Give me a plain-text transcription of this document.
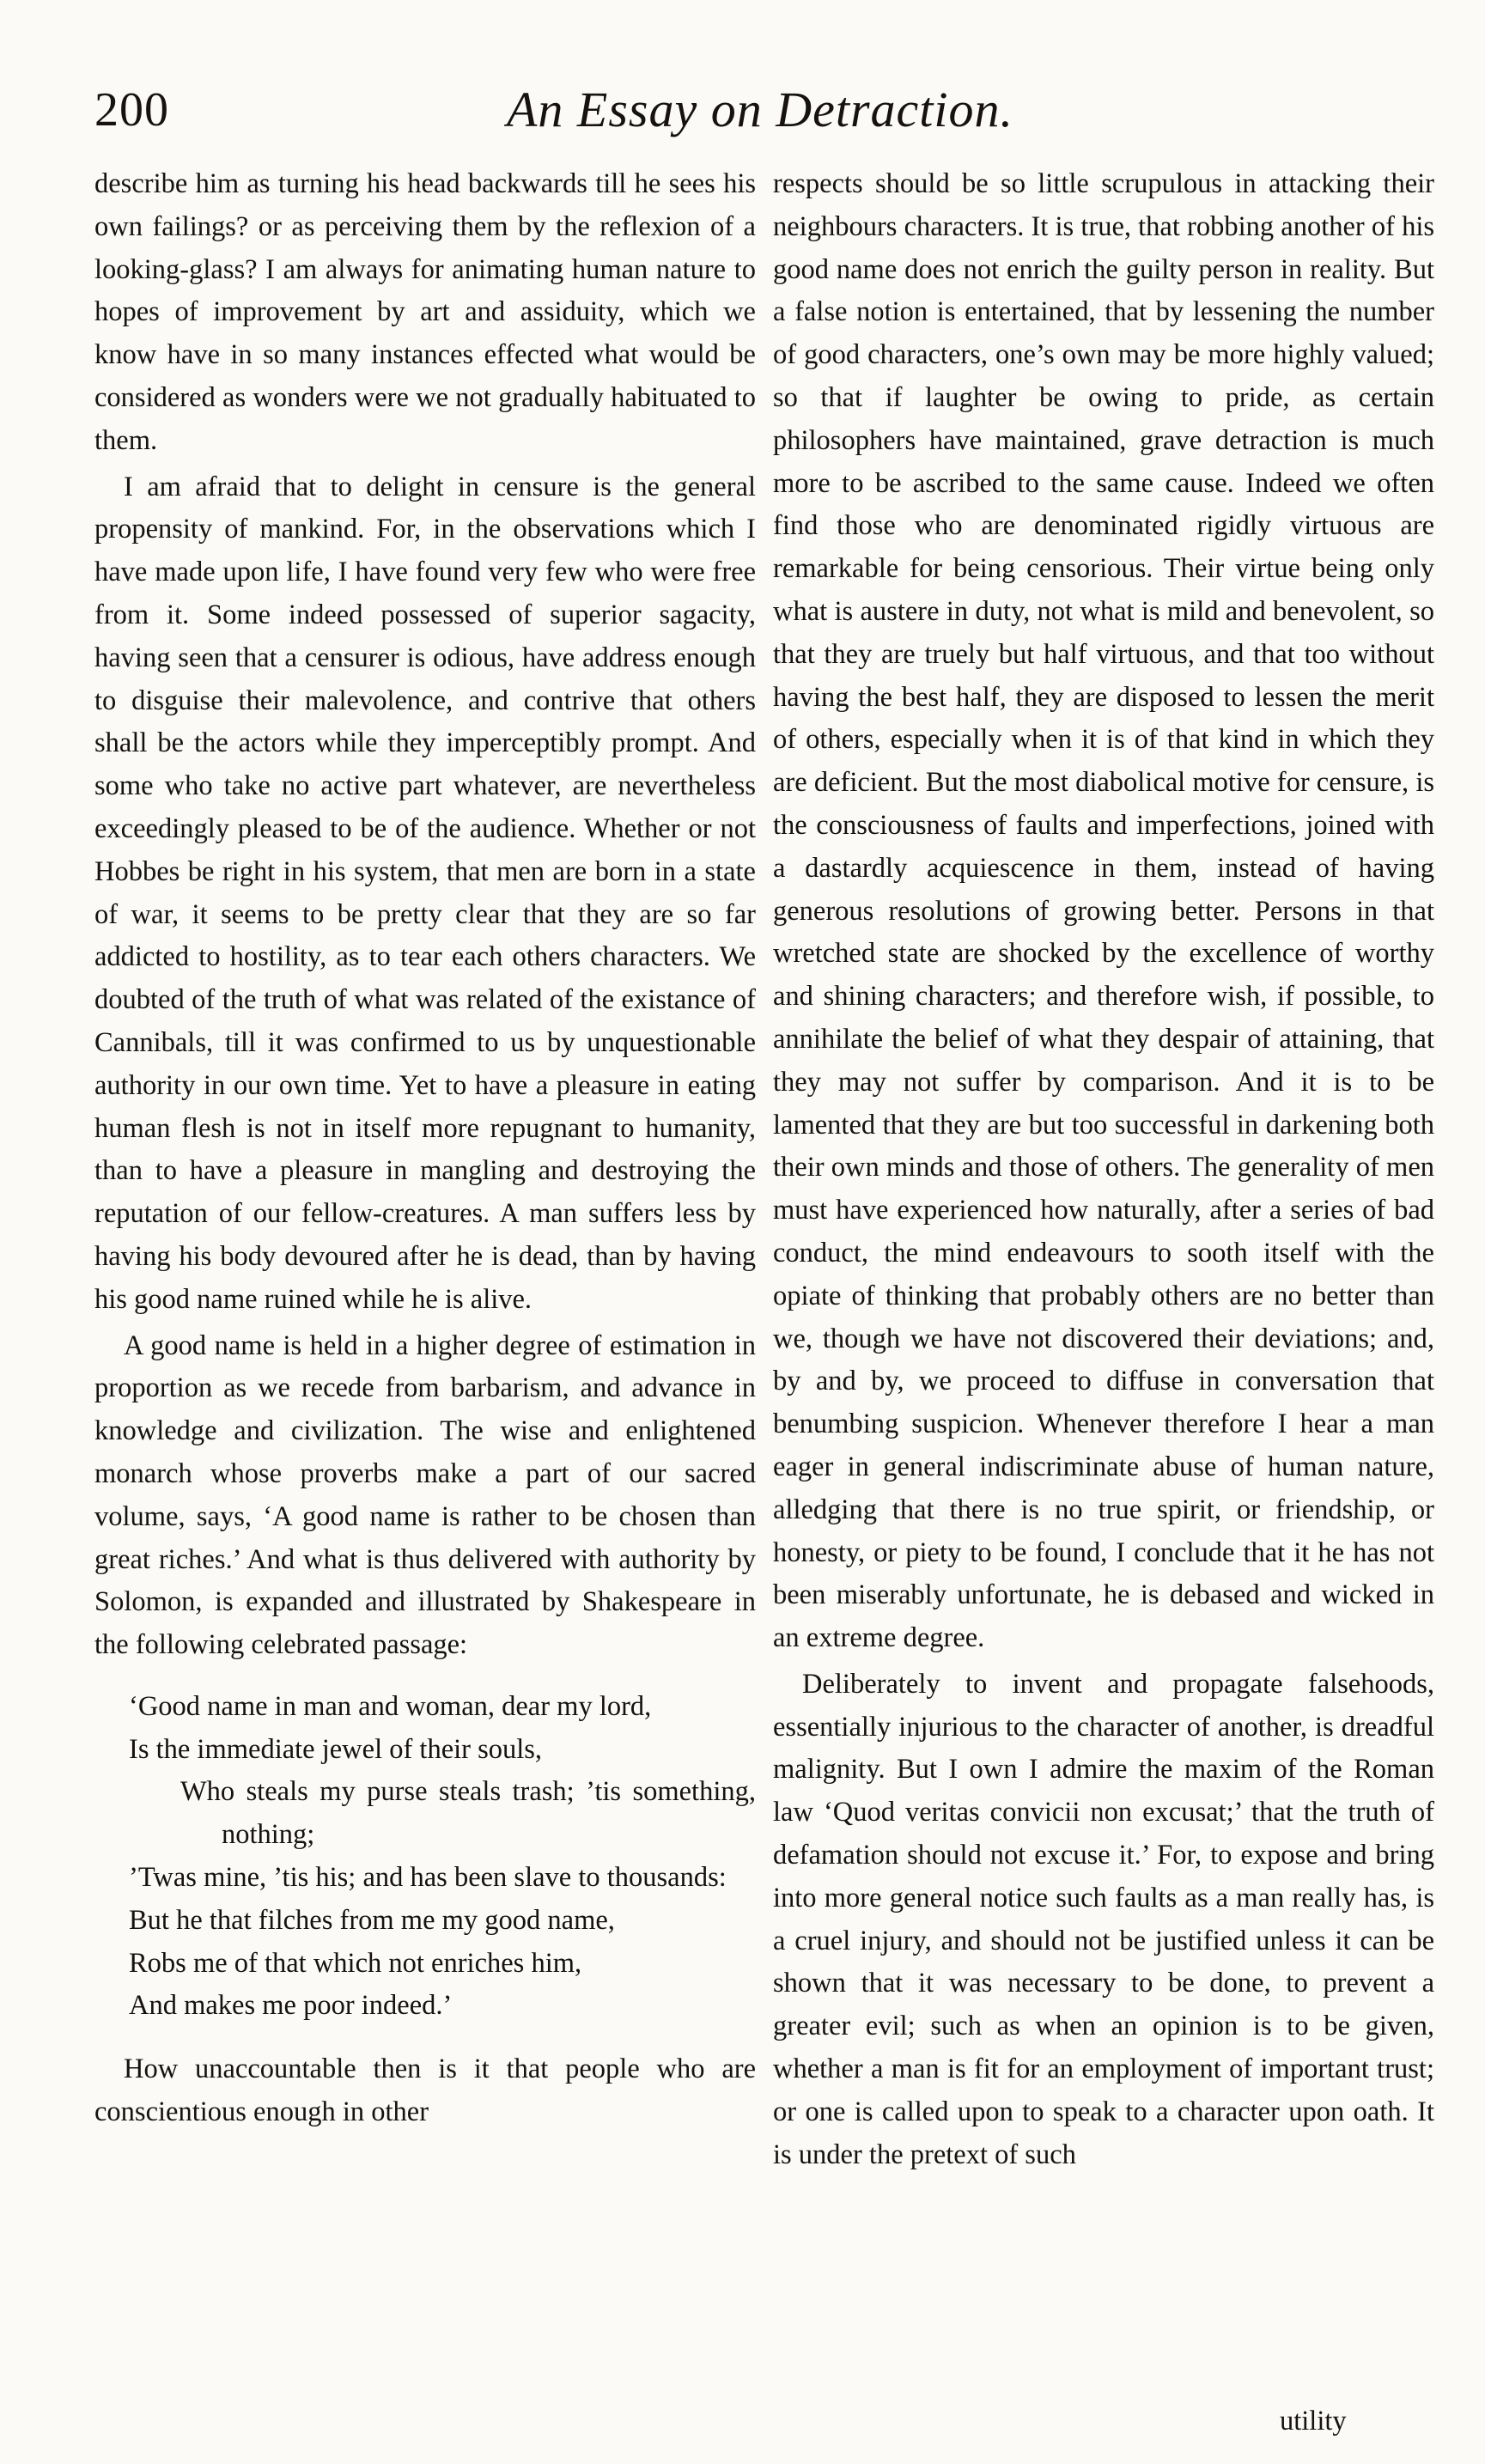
200	An Essay on Detraction.

describe him as turning his head backwards till he sees his own failings? or as perceiving them by the reflexion of a looking-glass? I am always for animating human nature to hopes of improvement by art and assiduity, which we know have in so many instances effected what would be considered as wonders were we not gradually habituated to them.

I am afraid that to delight in censure is the general propensity of mankind. For, in the observations which I have made upon life, I have found very few who were free from it. Some indeed possessed of superior sagacity, having seen that a censurer is odious, have address enough to disguise their malevolence, and contrive that others shall be the actors while they imperceptibly prompt. And some who take no active part whatever, are nevertheless exceedingly pleased to be of the audience. Whether or not Hobbes be right in his system, that men are born in a state of war, it seems to be pretty clear that they are so far addicted to hostility, as to tear each others characters. We doubted of the truth of what was related of the existance of Cannibals, till it was confirmed to us by unquestionable authority in our own time. Yet to have a pleasure in eating human flesh is not in itself more repugnant to humanity, than to have a pleasure in mangling and destroying the reputation of our fellow-creatures. A man suffers less by having his body devoured after he is dead, than by having his good name ruined while he is alive.

A good name is held in a higher degree of estimation in proportion as we recede from barbarism, and advance in knowledge and civilization. The wise and enlightened monarch whose proverbs make a part of our sacred volume, says, ‘A good name is rather to be chosen than great riches.’ And what is thus delivered with authority by Solomon, is expanded and illustrated by Shakespeare in the following celebrated passage:

‘Good name in man and woman, dear my lord,
Is the immediate jewel of their souls,
Who steals my purse steals trash; ’tis something, nothing;
’Twas mine, ’tis his; and has been slave to thousands:
But he that filches from me my good name,
Robs me of that which not enriches him,
And makes me poor indeed.’

How unaccountable then is it that people who are conscientious enough in other

respects should be so little scrupulous in attacking their neighbours characters. It is true, that robbing another of his good name does not enrich the guilty person in reality. But a false notion is entertained, that by lessening the number of good characters, one’s own may be more highly valued; so that if laughter be owing to pride, as certain philosophers have maintained, grave detraction is much more to be ascribed to the same cause. Indeed we often find those who are denominated rigidly virtuous are remarkable for being censorious. Their virtue being only what is austere in duty, not what is mild and benevolent, so that they are truely but half virtuous, and that too without having the best half, they are disposed to lessen the merit of others, especially when it is of that kind in which they are deficient. But the most diabolical motive for censure, is the consciousness of faults and imperfections, joined with a dastardly acquiescence in them, instead of having generous resolutions of growing better. Persons in that wretched state are shocked by the excellence of worthy and shining characters; and therefore wish, if possible, to annihilate the belief of what they despair of attaining, that they may not suffer by comparison. And it is to be lamented that they are but too successful in darkening both their own minds and those of others. The generality of men must have experienced how naturally, after a series of bad conduct, the mind endeavours to sooth itself with the opiate of thinking that probably others are no better than we, though we have not discovered their deviations; and, by and by, we proceed to diffuse in conversation that benumbing suspicion. Whenever therefore I hear a man eager in general indiscriminate abuse of human nature, alledging that there is no true spirit, or friendship, or honesty, or piety to be found, I conclude that it he has not been miserably unfortunate, he is debased and wicked in an extreme degree.

Deliberately to invent and propagate falsehoods, essentially injurious to the character of another, is dreadful malignity. But I own I admire the maxim of the Roman law ‘Quod veritas convicii non excusat;’ that the truth of defamation should not excuse it.’ For, to expose and bring into more general notice such faults as a man really has, is a cruel injury, and should not be justified unless it can be shown that it was necessary to be done, to prevent a greater evil; such as when an opinion is to be given, whether a man is fit for an employment of important trust; or one is called upon to speak to a character upon oath. It is under the pretext of such

utility
